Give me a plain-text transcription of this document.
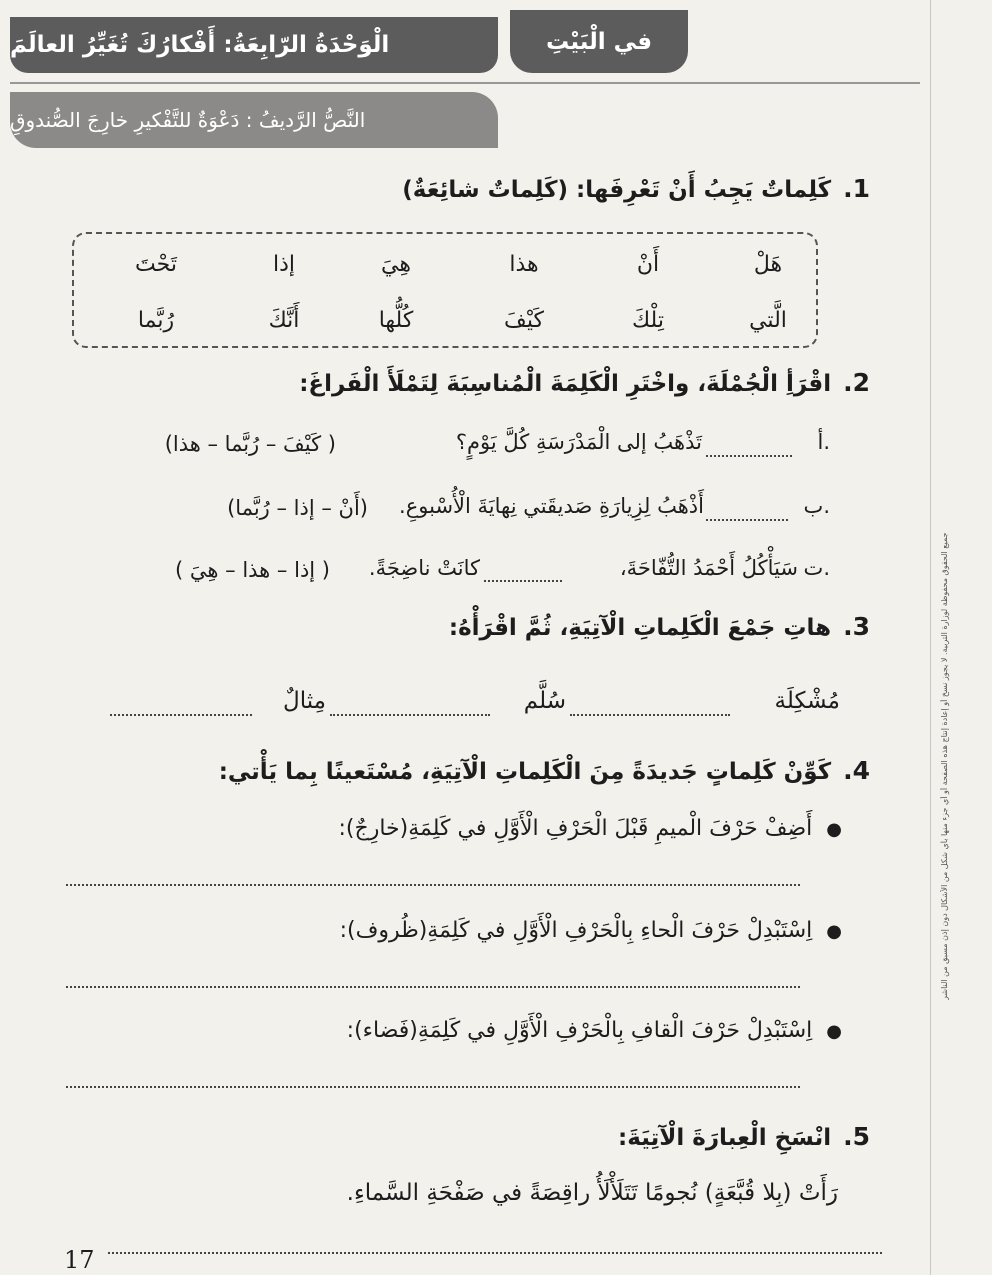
جميع الحقوق محفوظة لوزارة التربية. لا يجوز نسخ أو إعادة إنتاج هذه الصفحة أو أي جزء منها بأي شكل من الأشكال دون إذن مسبق من الناشر
الْوَحْدَةُ الرّابِعَةُ: أَفْكارُكَ تُغَيِّرُ العالَمَ	في الْبَيْتِ
النَّصُّ الرَّديفُ : دَعْوَةٌ للتَّفْكيرِ خارِجَ الصُّندوقِ
1.كَلِماتٌ يَجِبُ أَنْ تَعْرِفَها: (كَلِماتٌ شائِعَةٌ)
هَلْ
أَنْ
هذا
هِيَ
إذا
تَحْتَ
الَّتي
تِلْكَ
كَيْفَ
كُلُّها
أَنَّكَ
رُبَّما
2.اقْرَأِ الْجُمْلَةَ، واخْتَرِ الْكَلِمَةَ الْمُناسِبَةَ لِتَمْلَأَ الْفَراغَ:
أ.
تَذْهَبُ إلى الْمَدْرَسَةِ كُلَّ يَوْمٍ؟
( كَيْفَ – رُبَّما – هذا)
ب.
أَذْهَبُ لِزِيارَةِ صَديقَتي نِهايَةَ الْأُسْبوعِ.
(أَنْ – إذا – رُبَّما)
ت.
سَيَأْكُلُ أَحْمَدُ التُّفّاحَةَ،
كانَتْ ناضِجَةً.
( إذا – هذا – هِيَ )
3.هاتِ جَمْعَ الْكَلِماتِ الْآتِيَةِ، ثُمَّ اقْرَأْهُ:
مُشْكِلَة
سُلَّم
مِثالٌ
4.كَوِّنْ كَلِماتٍ جَديدَةً مِنَ الْكَلِماتِ الْآتِيَةِ، مُسْتَعينًا بِما يَأْتي:
●أَضِفْ حَرْفَ الْميمِ قَبْلَ الْحَرْفِ الْأَوَّلِ في كَلِمَةِ(خارِجٌ):
●اِسْتَبْدِلْ حَرْفَ الْحاءِ بِالْحَرْفِ الْأَوَّلِ في كَلِمَةِ(ظُروف):
●اِسْتَبْدِلْ حَرْفَ الْقافِ بِالْحَرْفِ الْأَوَّلِ في كَلِمَةِ(فَضاء):
5.انْسَخِ الْعِبارَةَ الْآتِيَةَ:
رَأَتْ (بِلا قُبَّعَةٍ) نُجومًا تَتَلَأْلَأُ راقِصَةً في صَفْحَةِ السَّماءِ.
17
